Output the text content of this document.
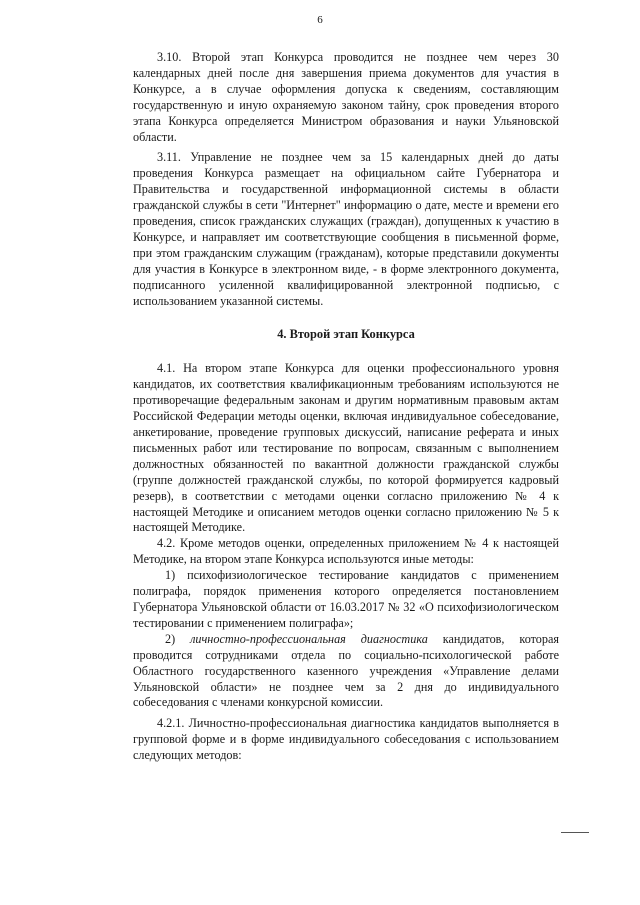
6

3.10. Второй этап Конкурса проводится не позднее чем через 30 календарных дней после дня завершения приема документов для участия в Конкурсе, а в случае оформления допуска к сведениям, составляющим государственную и иную охраняемую законом тайну, срок проведения второго этапа Конкурса определяется Министром образования и науки Ульяновской области.

3.11. Управление не позднее чем за 15 календарных дней до даты проведения Конкурса размещает на официальном сайте Губернатора и Правительства и государственной информационной системы в области гражданской службы в сети "Интернет" информацию о дате, месте и времени его проведения, список гражданских служащих (граждан), допущенных к участию в Конкурсе, и направляет им соответствующие сообщения в письменной форме, при этом гражданским служащим (гражданам), которые представили документы для участия в Конкурсе в электронном виде, - в форме электронного документа, подписанного усиленной квалифицированной электронной подписью, с использованием указанной системы.

4. Второй этап Конкурса

4.1. На втором этапе Конкурса для оценки профессионального уровня кандидатов, их соответствия квалификационным требованиям используются не противоречащие федеральным законам и другим нормативным правовым актам Российской Федерации методы оценки, включая индивидуальное собеседование, анкетирование, проведение групповых дискуссий, написание реферата и иных письменных работ или тестирование по вопросам, связанным с выполнением должностных обязанностей по вакантной должности гражданской службы (группе должностей гражданской службы, по которой формируется кадровый резерв), в соответствии с методами оценки согласно приложению № 4 к настоящей Методике и описанием методов оценки согласно приложению № 5 к настоящей Методике.

4.2. Кроме методов оценки, определенных приложением № 4 к настоящей Методике, на втором этапе Конкурса используются иные методы:

1) психофизиологическое тестирование кандидатов с применением полиграфа, порядок применения которого определяется постановлением Губернатора Ульяновской области от 16.03.2017 № 32 «О психофизиологическом тестировании с применением полиграфа»;

2) личностно-профессиональная диагностика кандидатов, которая проводится сотрудниками отдела по социально-психологической работе Областного государственного казенного учреждения «Управление делами Ульяновской области» не позднее чем за 2 дня до индивидуального собеседования с членами конкурсной комиссии.

4.2.1. Личностно-профессиональная диагностика кандидатов выполняется в групповой форме и в форме индивидуального собеседования с использованием следующих методов:
